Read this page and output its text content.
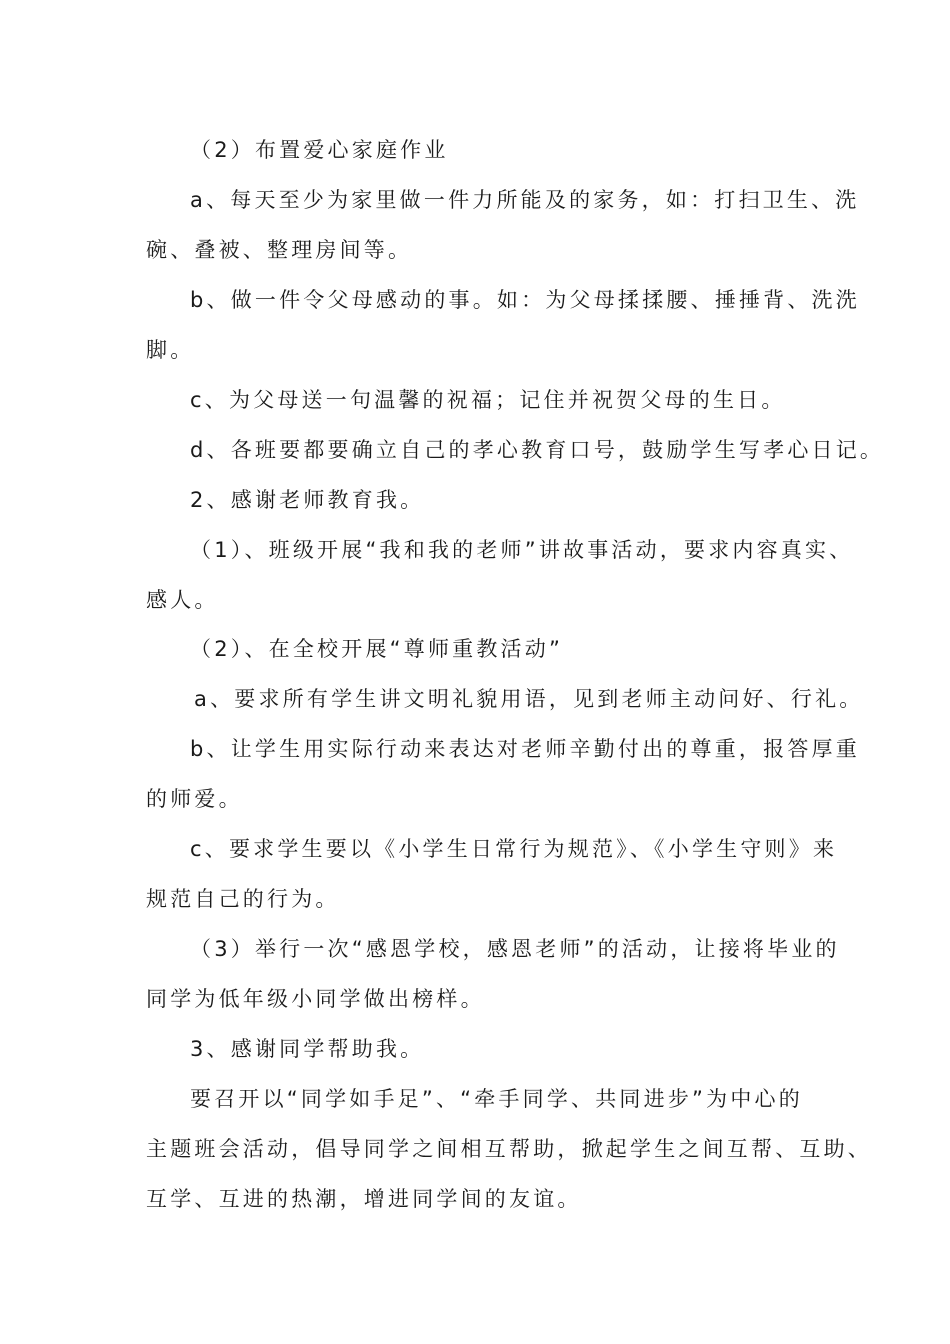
（2）布置爱心家庭作业
a、每天至少为家里做一件力所能及的家务，如：打扫卫生、洗
碗、叠被、整理房间等。
b、做一件令父母感动的事。如：为父母揉揉腰、捶捶背、洗洗
脚。
c、为父母送一句温馨的祝福；记住并祝贺父母的生日。
d、各班要都要确立自己的孝心教育口号，鼓励学生写孝心日记。
2、感谢老师教育我。
（1）、班级开展“我和我的老师”讲故事活动，要求内容真实、
感人。
（2）、在全校开展“尊师重教活动”
a、要求所有学生讲文明礼貌用语，见到老师主动问好、行礼。
b、让学生用实际行动来表达对老师辛勤付出的尊重，报答厚重
的师爱。
c、要求学生要以《小学生日常行为规范》、《小学生守则》来
规范自己的行为。
（3）举行一次“感恩学校，感恩老师”的活动，让接将毕业的
同学为低年级小同学做出榜样。
3、感谢同学帮助我。
要召开以“同学如手足”、“牵手同学、共同进步”为中心的
主题班会活动，倡导同学之间相互帮助，掀起学生之间互帮、互助、
互学、互进的热潮，增进同学间的友谊。
